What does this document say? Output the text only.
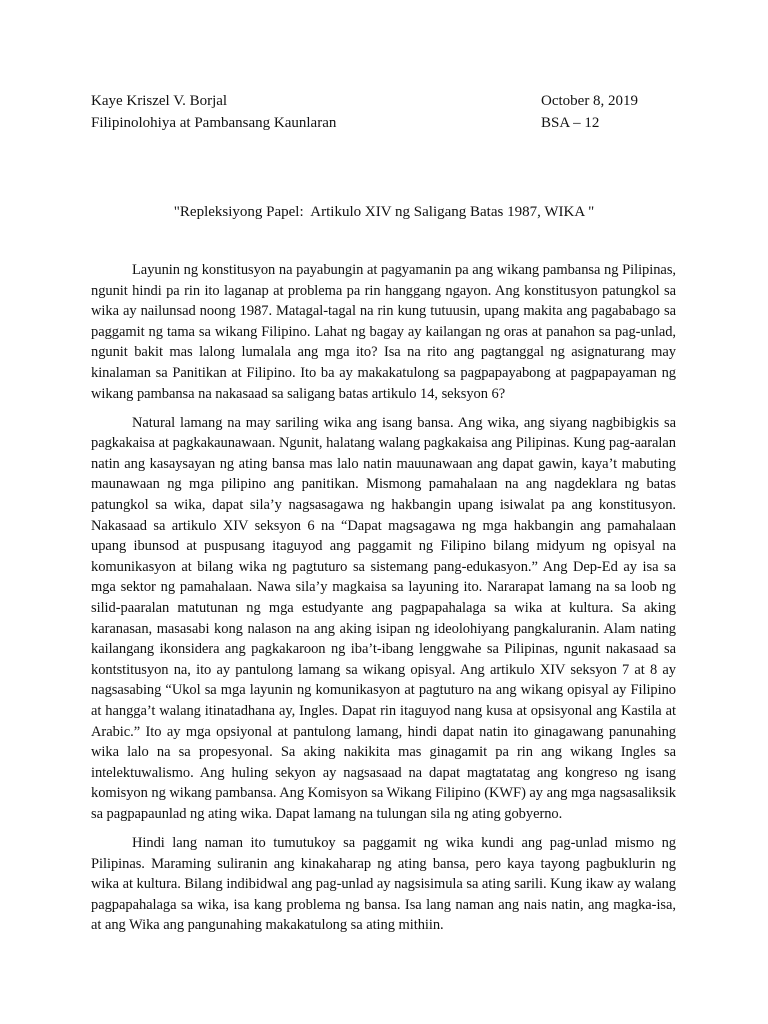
Kaye Kriszel V. Borjal	October 8, 2019
Filipinolohiya at Pambansang Kaunlaran	BSA – 12
"Repleksiyong Papel:  Artikulo XIV ng Saligang Batas 1987, WIKA "

Layunin ng konstitusyon na payabungin at pagyamanin pa ang wikang pambansa ng Pilipinas, ngunit hindi pa rin ito laganap at problema pa rin hanggang ngayon. Ang konstitusyon patungkol sa wika ay nailunsad noong 1987. Matagal-tagal na rin kung tutuusin, upang makita ang pagababago sa paggamit ng tama sa wikang Filipino. Lahat ng bagay ay kailangan ng oras at panahon sa pag-unlad, ngunit bakit mas lalong lumalala ang mga ito? Isa na rito ang pagtanggal ng asignaturang may kinalaman sa Panitikan at Filipino. Ito ba ay makakatulong sa pagpapayabong at pagpapayaman ng wikang pambansa na nakasaad sa saligang batas artikulo 14, seksyon 6?

Natural lamang na may sariling wika ang isang bansa. Ang wika, ang siyang nagbibigkis sa pagkakaisa at pagkakaunawaan. Ngunit, halatang walang pagkakaisa ang Pilipinas. Kung pag-aaralan natin ang kasaysayan ng ating bansa mas lalo natin mauunawaan ang dapat gawin, kaya’t mabuting maunawaan ng mga pilipino ang panitikan. Mismong pamahalaan na ang nagdeklara ng batas patungkol sa wika, dapat sila’y nagsasagawa ng hakbangin upang isiwalat pa ang konstitusyon. Nakasaad sa artikulo XIV seksyon 6 na “Dapat magsagawa ng mga hakbangin ang pamahalaan upang ibunsod at puspusang itaguyod ang paggamit ng Filipino bilang midyum ng opisyal na komunikasyon at bilang wika ng pagtuturo sa sistemang pang-edukasyon.” Ang Dep-Ed ay isa sa mga sektor ng pamahalaan. Nawa sila’y magkaisa sa layuning ito. Nararapat lamang na sa loob ng silid-paaralan matutunan ng mga estudyante ang pagpapahalaga sa wika at kultura. Sa aking karanasan, masasabi kong nalason na ang aking isipan ng ideolohiyang pangkaluranin. Alam nating kailangang ikonsidera ang pagkakaroon ng iba’t-ibang lenggwahe sa Pilipinas, ngunit nakasaad sa kontstitusyon na, ito ay pantulong lamang sa wikang opisyal. Ang artikulo XIV seksyon 7 at 8 ay nagsasabing “Ukol sa mga layunin ng komunikasyon at pagtuturo na ang wikang opisyal ay Filipino at hangga’t walang itinatadhana ay, Ingles. Dapat rin itaguyod nang kusa at opsisyonal ang Kastila at Arabic.” Ito ay mga opsiyonal at pantulong lamang, hindi dapat natin ito ginagawang panunahing wika lalo na sa propesyonal. Sa aking nakikita mas ginagamit pa rin ang wikang Ingles sa intelektuwalismo. Ang huling sekyon ay nagsasaad na dapat magtatatag ang kongreso ng isang komisyon ng wikang pambansa. Ang Komisyon sa Wikang Filipino (KWF) ay ang mga nagsasaliksik sa pagpapaunlad ng ating wika. Dapat lamang na tulungan sila ng ating gobyerno.

Hindi lang naman ito tumutukoy sa paggamit ng wika kundi ang pag-unlad mismo ng Pilipinas. Maraming suliranin ang kinakaharap ng ating bansa, pero kaya tayong pagbuklurin ng wika at kultura. Bilang indibidwal ang pag-unlad ay nagsisimula sa ating sarili. Kung ikaw ay walang pagpapahalaga sa wika, isa kang problema ng bansa. Isa lang naman ang nais natin, ang magka-isa, at ang Wika ang pangunahing makakatulong sa ating mithiin.
